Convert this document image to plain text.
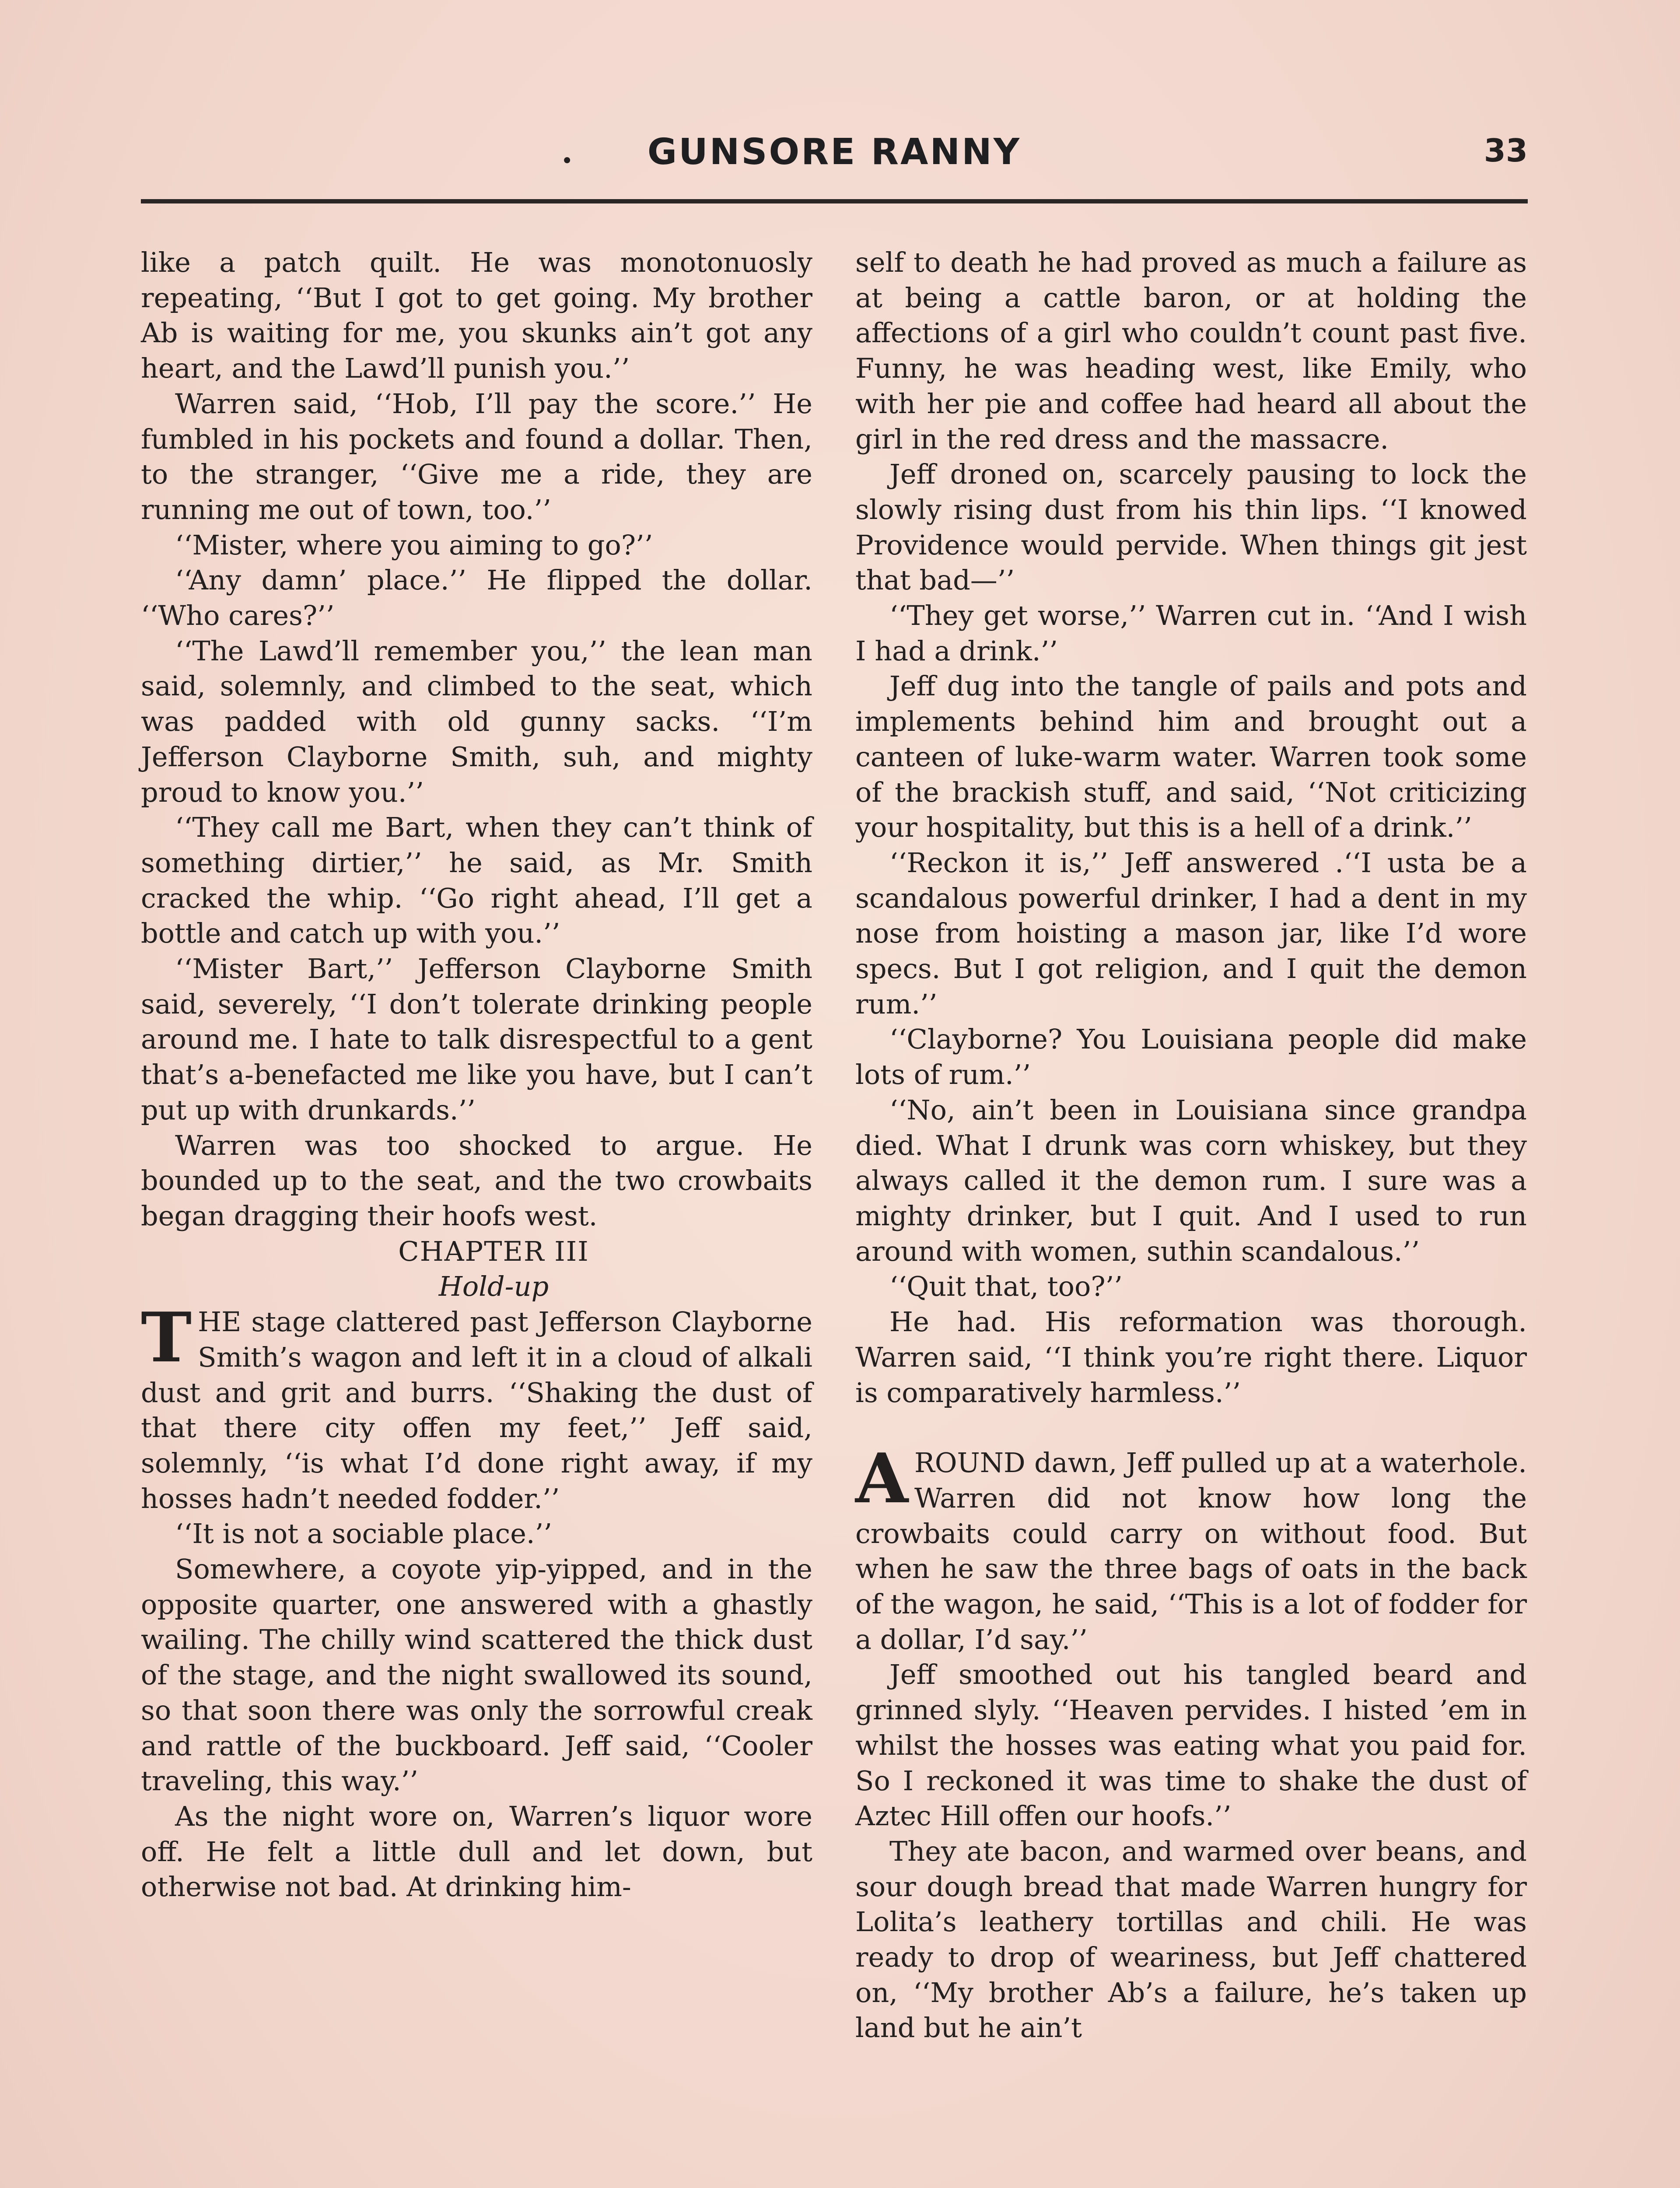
•	GUNSORE RANNY	33

like a patch quilt. He was monotonuosly repeating, ‘‘But I got to get going. My brother Ab is waiting for me, you skunks ain’t got any heart, and the Lawd’ll punish you.’’

Warren said, ‘‘Hob, I’ll pay the score.’’ He fumbled in his pockets and found a dollar. Then, to the stranger, ‘‘Give me a ride, they are running me out of town, too.’’

‘‘Mister, where you aiming to go?’’

‘‘Any damn’ place.’’ He flipped the dollar. ‘‘Who cares?’’

‘‘The Lawd’ll remember you,’’ the lean man said, solemnly, and climbed to the seat, which was padded with old gunny sacks. ‘‘I’m Jefferson Clayborne Smith, suh, and mighty proud to know you.’’

‘‘They call me Bart, when they can’t think of something dirtier,’’ he said, as Mr. Smith cracked the whip. ‘‘Go right ahead, I’ll get a bottle and catch up with you.’’

‘‘Mister Bart,’’ Jefferson Clayborne Smith said, severely, ‘‘I don’t tolerate drinking people around me. I hate to talk disrespectful to a gent that’s a-benefacted me like you have, but I can’t put up with drunkards.’’

Warren was too shocked to argue. He bounded up to the seat, and the two crowbaits began dragging their hoofs west.

CHAPTER III

Hold-up

THE stage clattered past Jefferson Clayborne Smith’s wagon and left it in a cloud of alkali dust and grit and burrs. ‘‘Shaking the dust of that there city offen my feet,’’ Jeff said, solemnly, ‘‘is what I’d done right away, if my hosses hadn’t needed fodder.’’

‘‘It is not a sociable place.’’

Somewhere, a coyote yip-yipped, and in the opposite quarter, one answered with a ghastly wailing. The chilly wind scattered the thick dust of the stage, and the night swallowed its sound, so that soon there was only the sorrowful creak and rattle of the buckboard. Jeff said, ‘‘Cooler traveling, this way.’’

As the night wore on, Warren’s liquor wore off. He felt a little dull and let down, but otherwise not bad. At drinking him-

self to death he had proved as much a failure as at being a cattle baron, or at holding the affections of a girl who couldn’t count past five. Funny, he was heading west, like Emily, who with her pie and coffee had heard all about the girl in the red dress and the massacre.

Jeff droned on, scarcely pausing to lock the slowly rising dust from his thin lips. ‘‘I knowed Providence would pervide. When things git jest that bad—’’

‘‘They get worse,’’ Warren cut in. ‘‘And I wish I had a drink.’’

Jeff dug into the tangle of pails and pots and implements behind him and brought out a canteen of luke-warm water. Warren took some of the brackish stuff, and said, ‘‘Not criticizing your hospitality, but this is a hell of a drink.’’

‘‘Reckon it is,’’ Jeff answered .‘‘I usta be a scandalous powerful drinker, I had a dent in my nose from hoisting a mason jar, like I’d wore specs. But I got religion, and I quit the demon rum.’’

‘‘Clayborne? You Louisiana people did make lots of rum.’’

‘‘No, ain’t been in Louisiana since grandpa died. What I drunk was corn whiskey, but they always called it the demon rum. I sure was a mighty drinker, but I quit. And I used to run around with women, suthin scandalous.’’

‘‘Quit that, too?’’

He had. His reformation was thorough. Warren said, ‘‘I think you’re right there. Liquor is comparatively harmless.’’

AROUND dawn, Jeff pulled up at a waterhole. Warren did not know how long the crowbaits could carry on without food. But when he saw the three bags of oats in the back of the wagon, he said, ‘‘This is a lot of fodder for a dollar, I’d say.’’

Jeff smoothed out his tangled beard and grinned slyly. ‘‘Heaven pervides. I histed ’em in whilst the hosses was eating what you paid for. So I reckoned it was time to shake the dust of Aztec Hill offen our hoofs.’’

They ate bacon, and warmed over beans, and sour dough bread that made Warren hungry for Lolita’s leathery tortillas and chili. He was ready to drop of weariness, but Jeff chattered on, ‘‘My brother Ab’s a failure, he’s taken up land but he ain’t
